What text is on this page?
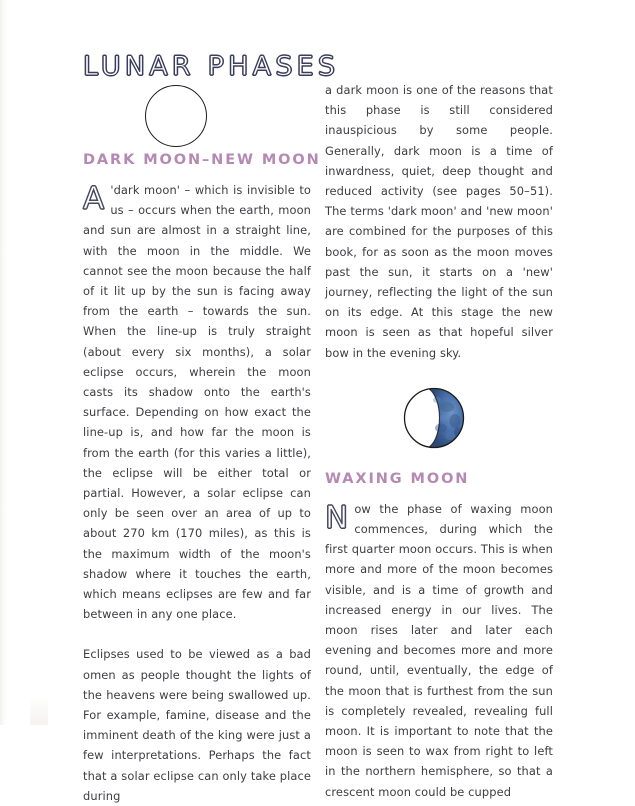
LUNAR PHASES
DARK MOON–NEW MOON

A 'dark moon' – which is invisible to us – occurs when the earth, moon and sun are almost in a straight line, with the moon in the middle. We cannot see the moon because the half of it lit up by the sun is facing away from the earth – towards the sun. When the line-up is truly straight (about every six months), a solar eclipse occurs, wherein the moon casts its shadow onto the earth's surface. Depending on how exact the line-up is, and how far the moon is from the earth (for this varies a little), the eclipse will be either total or partial. However, a solar eclipse can only be seen over an area of up to about 270 km (170 miles), as this is the maximum width of the moon's shadow where it touches the earth, which means eclipses are few and far between in any one place.

Eclipses used to be viewed as a bad omen as people thought the lights of the heavens were being swallowed up. For example, famine, disease and the imminent death of the king were just a few interpretations. Perhaps the fact that a solar eclipse can only take place during

a dark moon is one of the reasons that this phase is still considered inauspicious by some people. Generally, dark moon is a time of inwardness, quiet, deep thought and reduced activity (see pages 50–51). The terms 'dark moon' and 'new moon' are combined for the purposes of this book, for as soon as the moon moves past the sun, it starts on a 'new' journey, reflecting the light of the sun on its edge. At this stage the new moon is seen as that hopeful silver bow in the evening sky.

WAXING MOON

Now the phase of waxing moon commences, during which the first quarter moon occurs. This is when more and more of the moon becomes visible, and is a time of growth and increased energy in our lives. The moon rises later and later each evening and becomes more and more round, until, eventually, the edge of the moon that is furthest from the sun is completely revealed, revealing full moon. It is important to note that the moon is seen to wax from right to left in the northern hemisphere, so that a crescent moon could be cupped
